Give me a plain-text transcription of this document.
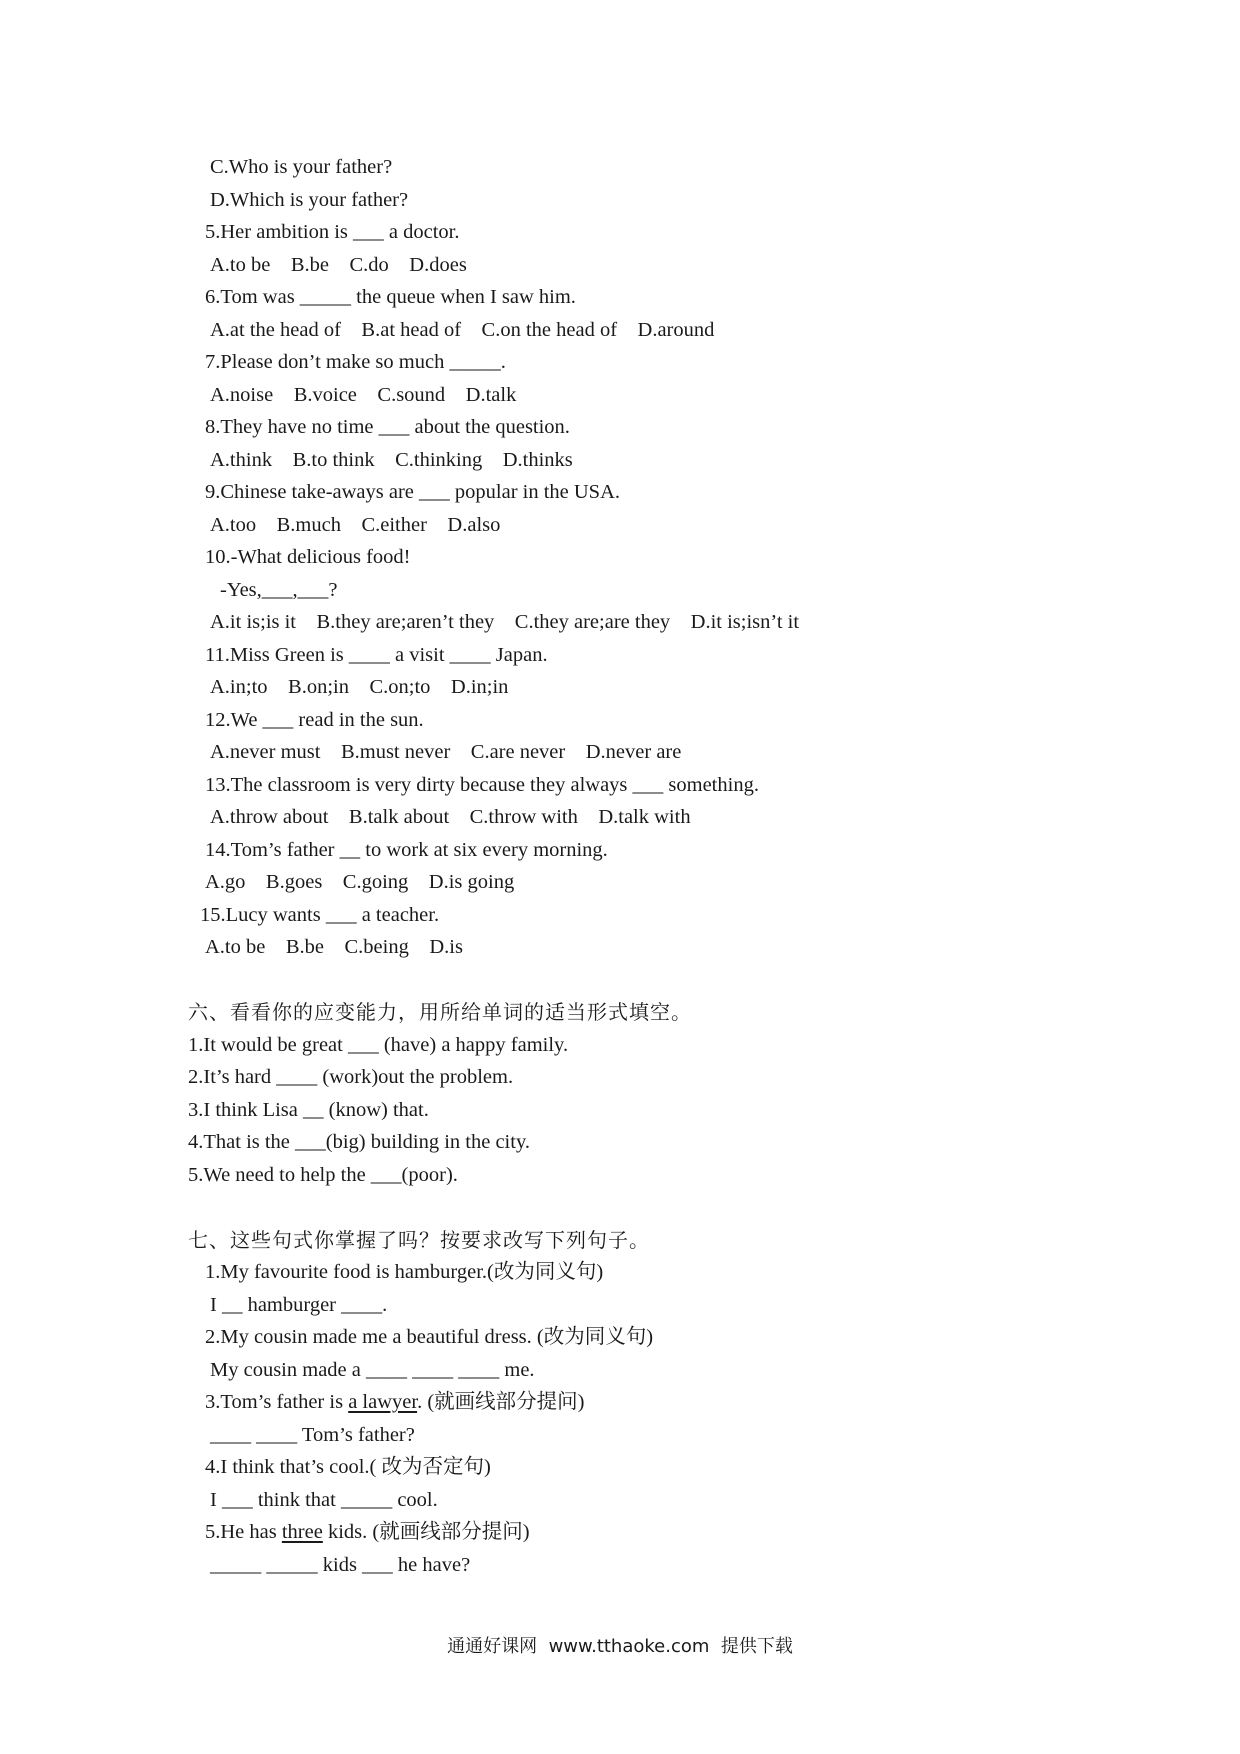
C.Who is your father?
D.Which is your father?
5.Her ambition is ___ a doctor.
A.to be    B.be    C.do    D.does
6.Tom was _____ the queue when I saw him.
A.at the head of    B.at head of    C.on the head of    D.around
7.Please don’t make so much _____.
A.noise    B.voice    C.sound    D.talk
8.They have no time ___ about the question.
A.think    B.to think    C.thinking    D.thinks
9.Chinese take-aways are ___ popular in the USA.
A.too    B.much    C.either    D.also
10.-What delicious food!
-Yes,___,___?
A.it is;is it    B.they are;aren’t they    C.they are;are they    D.it is;isn’t it
11.Miss Green is ____ a visit ____ Japan.
A.in;to    B.on;in    C.on;to    D.in;in
12.We ___ read in the sun.
A.never must    B.must never    C.are never    D.never are
13.The classroom is very dirty because they always ___ something.
A.throw about    B.talk about    C.throw with    D.talk with
14.Tom’s father __ to work at six every morning.
A.go    B.goes    C.going    D.is going
15.Lucy wants ___ a teacher.
A.to be    B.be    C.being    D.is
六、看看你的应变能力，用所给单词的适当形式填空。
1.It would be great ___ (have) a happy family.
2.It’s hard ____ (work)out the problem.
3.I think Lisa __ (know) that.
4.That is the ___(big) building in the city.
5.We need to help the ___(poor).
七、这些句式你掌握了吗？按要求改写下列句子。
1.My favourite food is hamburger.(改为同义句)
I __ hamburger ____.
2.My cousin made me a beautiful dress. (改为同义句)
My cousin made a ____ ____ ____ me.
3.Tom’s father is a lawyer. (就画线部分提问)
____ ____ Tom’s father?
4.I think that’s cool.( 改为否定句)
I ___ think that _____ cool.
5.He has three kids. (就画线部分提问)
_____ _____ kids ___ he have?
通通好课网  www.tthaoke.com  提供下载
